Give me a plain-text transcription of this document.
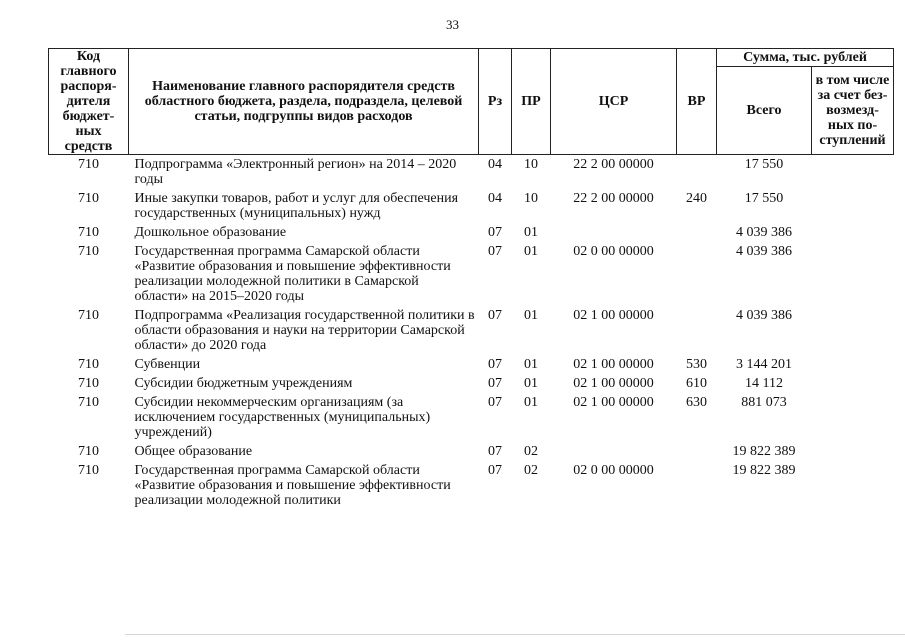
33
Код главного распоря-дителя бюджет-ных средств	Наименование главного распорядителя средств областного бюджета, раздела, подраздела, целевой статьи, подгруппы видов расходов	Рз	ПР	ЦСР	ВР	Сумма, тыс. рублей	
						Всего	в том числе за счет без-возмезд-ных по-ступлений
710	Подпрограмма «Электронный регион» на 2014 – 2020 годы	04	10	22 2 00 00000		17 550	
710	Иные закупки товаров, работ и услуг для обеспечения государственных (муниципальных) нужд	04	10	22 2 00 00000	240	17 550	
710	Дошкольное образование	07	01			4 039 386	
710	Государственная программа Самарской области «Развитие образования и повышение эффективности реализации молодежной политики в Самарской области» на 2015–2020 годы	07	01	02 0 00 00000		4 039 386	
710	Подпрограмма «Реализация государственной политики в области образования и науки на территории Самарской области» до 2020 года	07	01	02 1 00 00000		4 039 386	
710	Субвенции	07	01	02 1 00 00000	530	3 144 201	
710	Субсидии бюджетным учреждениям	07	01	02 1 00 00000	610	14 112	
710	Субсидии некоммерческим организациям (за исключением государственных (муниципальных) учреждений)	07	01	02 1 00 00000	630	881 073	
710	Общее образование	07	02			19 822 389	
710	Государственная программа Самарской области «Развитие образования и повышение эффективности реализации молодежной политики	07	02	02 0 00 00000		19 822 389	
